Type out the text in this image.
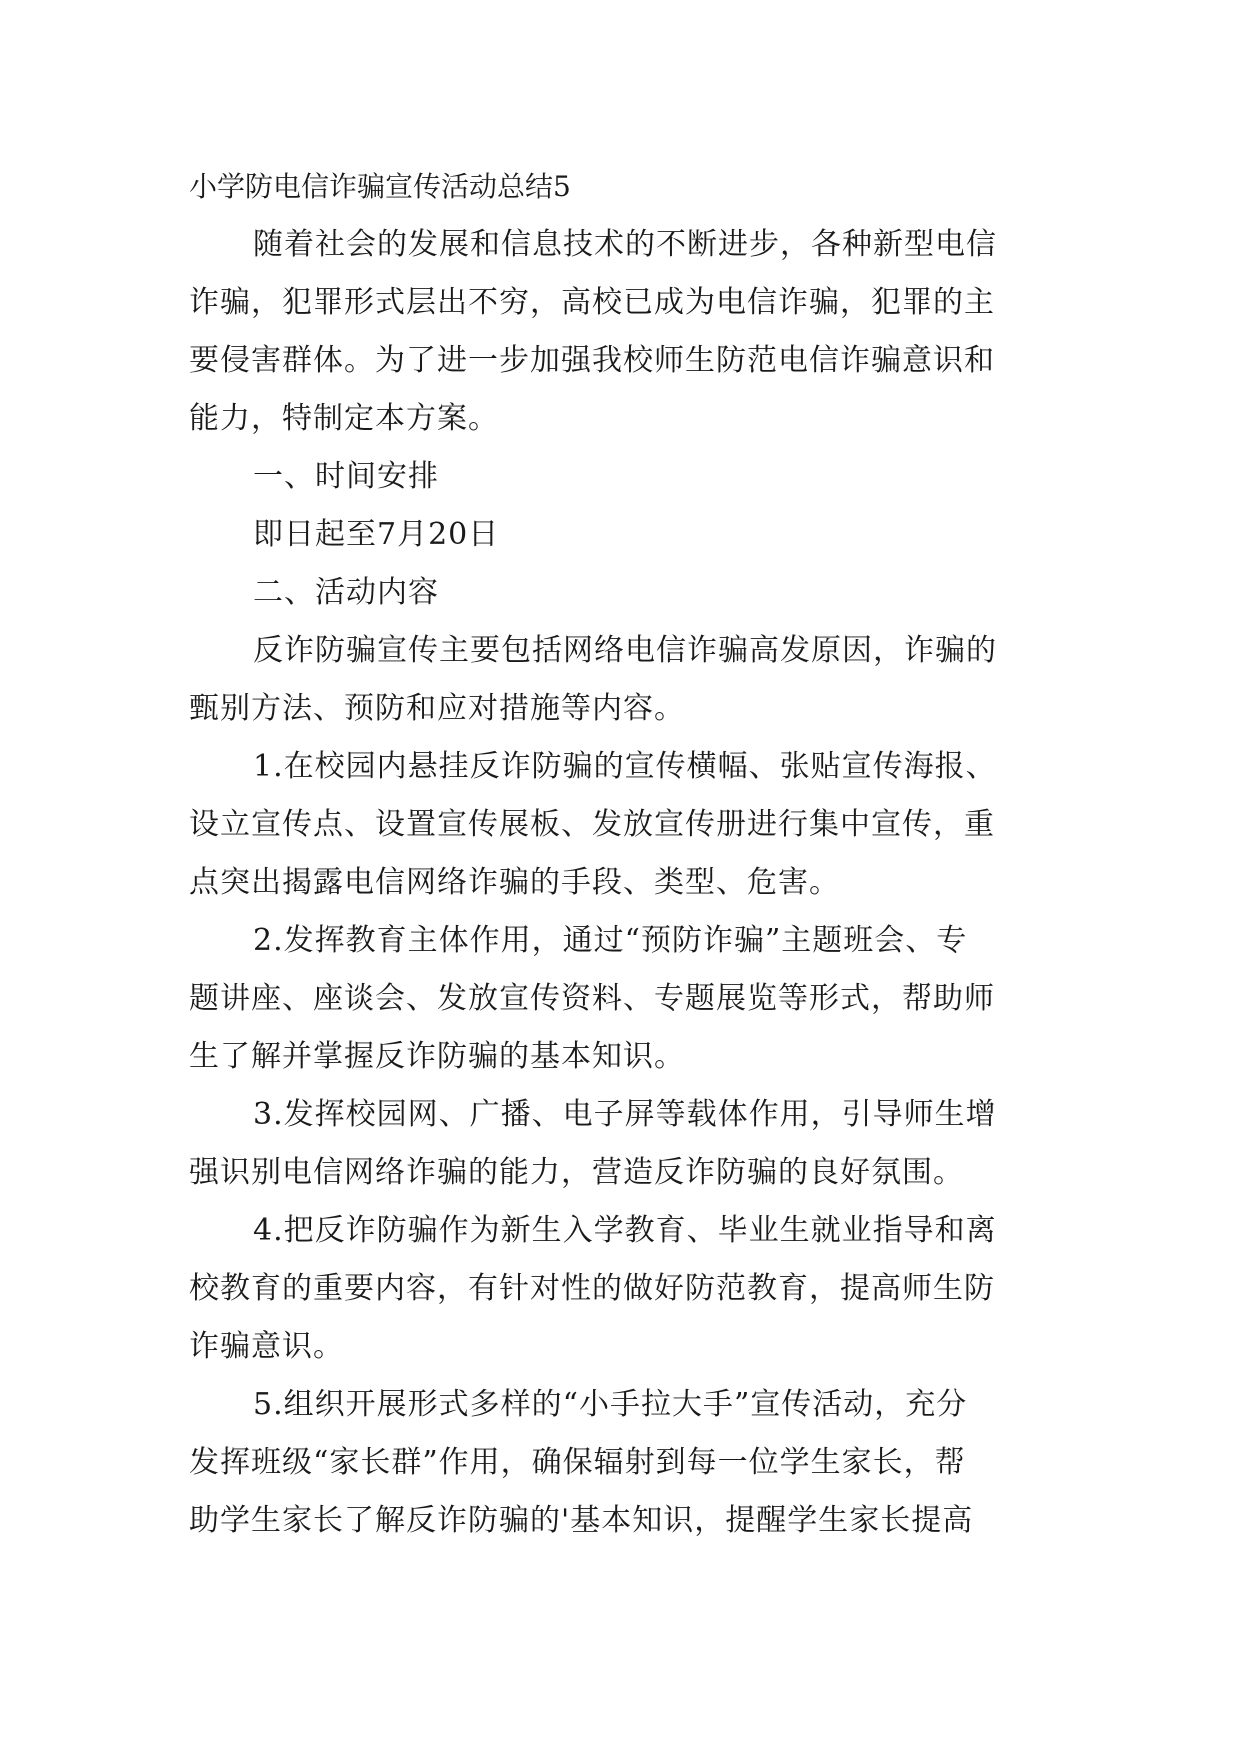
小学防电信诈骗宣传活动总结5
随着社会的发展和信息技术的不断进步，各种新型电信
诈骗，犯罪形式层出不穷，高校已成为电信诈骗，犯罪的主
要侵害群体。为了进一步加强我校师生防范电信诈骗意识和
能力，特制定本方案。
一、时间安排
即日起至7月20日
二、活动内容
反诈防骗宣传主要包括网络电信诈骗高发原因，诈骗的
甄别方法、预防和应对措施等内容。
1.在校园内悬挂反诈防骗的宣传横幅、张贴宣传海报、
设立宣传点、设置宣传展板、发放宣传册进行集中宣传，重
点突出揭露电信网络诈骗的手段、类型、危害。
2.发挥教育主体作用，通过“预防诈骗”主题班会、专
题讲座、座谈会、发放宣传资料、专题展览等形式，帮助师
生了解并掌握反诈防骗的基本知识。
3.发挥校园网、广播、电子屏等载体作用，引导师生增
强识别电信网络诈骗的能力，营造反诈防骗的良好氛围。
4.把反诈防骗作为新生入学教育、毕业生就业指导和离
校教育的重要内容，有针对性的做好防范教育，提高师生防
诈骗意识。
5.组织开展形式多样的“小手拉大手”宣传活动，充分
发挥班级“家长群”作用，确保辐射到每一位学生家长，帮
助学生家长了解反诈防骗的'基本知识，提醒学生家长提高
